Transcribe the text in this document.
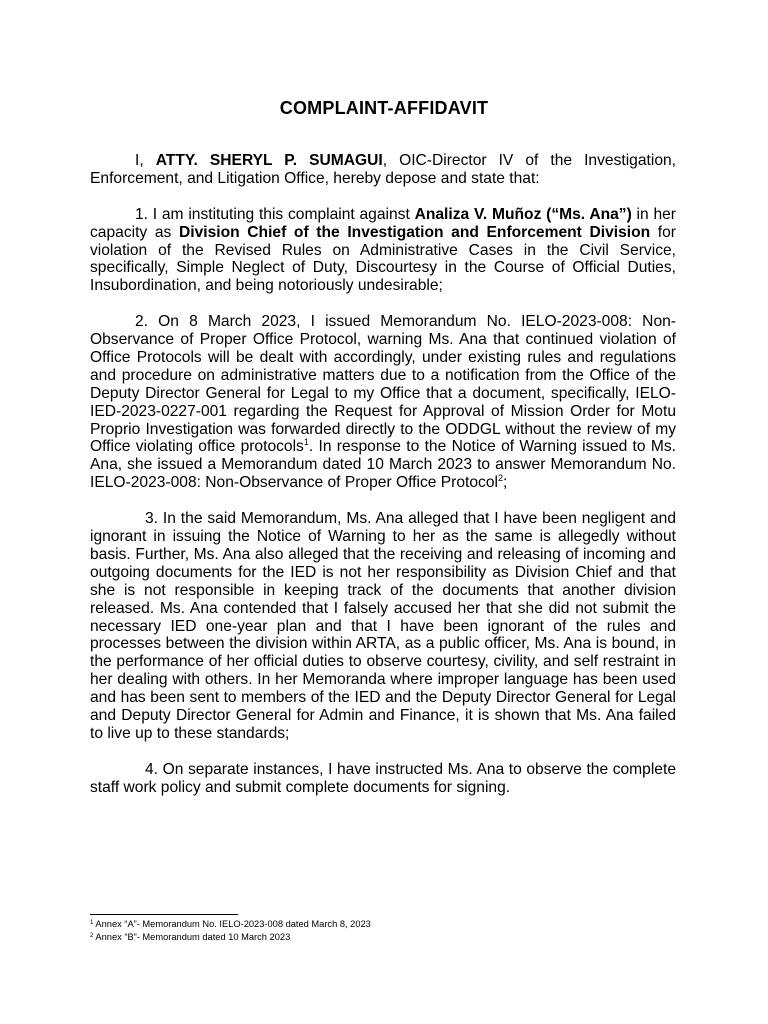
COMPLAINT-AFFIDAVIT

I, ATTY. SHERYL P. SUMAGUI, OIC-Director IV of the Investigation, Enforcement, and Litigation Office, hereby depose and state that:

1. I am instituting this complaint against Analiza V. Muñoz (“Ms. Ana”) in her capacity as Division Chief of the Investigation and Enforcement Division for violation of the Revised Rules on Administrative Cases in the Civil Service, specifically, Simple Neglect of Duty, Discourtesy in the Course of Official Duties, Insubordination, and being notoriously undesirable;

2. On 8 March 2023, I issued Memorandum No. IELO-2023-008: Non-Observance of Proper Office Protocol, warning Ms. Ana that continued violation of Office Protocols will be dealt with accordingly, under existing rules and regulations and procedure on administrative matters due to a notification from the Office of the Deputy Director General for Legal to my Office that a document, specifically, IELO-IED-2023-0227-001 regarding the Request for Approval of Mission Order for Motu Proprio Investigation was forwarded directly to the ODDGL without the review of my Office violating office protocols$^1$. In response to the Notice of Warning issued to Ms. Ana, she issued a Memorandum dated 10 March 2023 to answer Memorandum No. IELO-2023-008: Non-Observance of Proper Office Protocol$^2$;

3. In the said Memorandum, Ms. Ana alleged that I have been negligent and ignorant in issuing the Notice of Warning to her as the same is allegedly without basis. Further, Ms. Ana also alleged that the receiving and releasing of incoming and outgoing documents for the IED is not her responsibility as Division Chief and that she is not responsible in keeping track of the documents that another division released. Ms. Ana contended that I falsely accused her that she did not submit the necessary IED one-year plan and that I have been ignorant of the rules and processes between the division within ARTA, as a public officer, Ms. Ana is bound, in the performance of her official duties to observe courtesy, civility, and self restraint in her dealing with others. In her Memoranda where improper language has been used and has been sent to members of the IED and the Deputy Director General for Legal and Deputy Director General for Admin and Finance, it is shown that Ms. Ana failed to live up to these standards;

4. On separate instances, I have instructed Ms. Ana to observe the complete staff work policy and submit complete documents for signing.

$^1$ Annex “A”- Memorandum No. IELO-2023-008 dated March 8, 2023
$^2$ Annex “B”- Memorandum dated 10 March 2023
